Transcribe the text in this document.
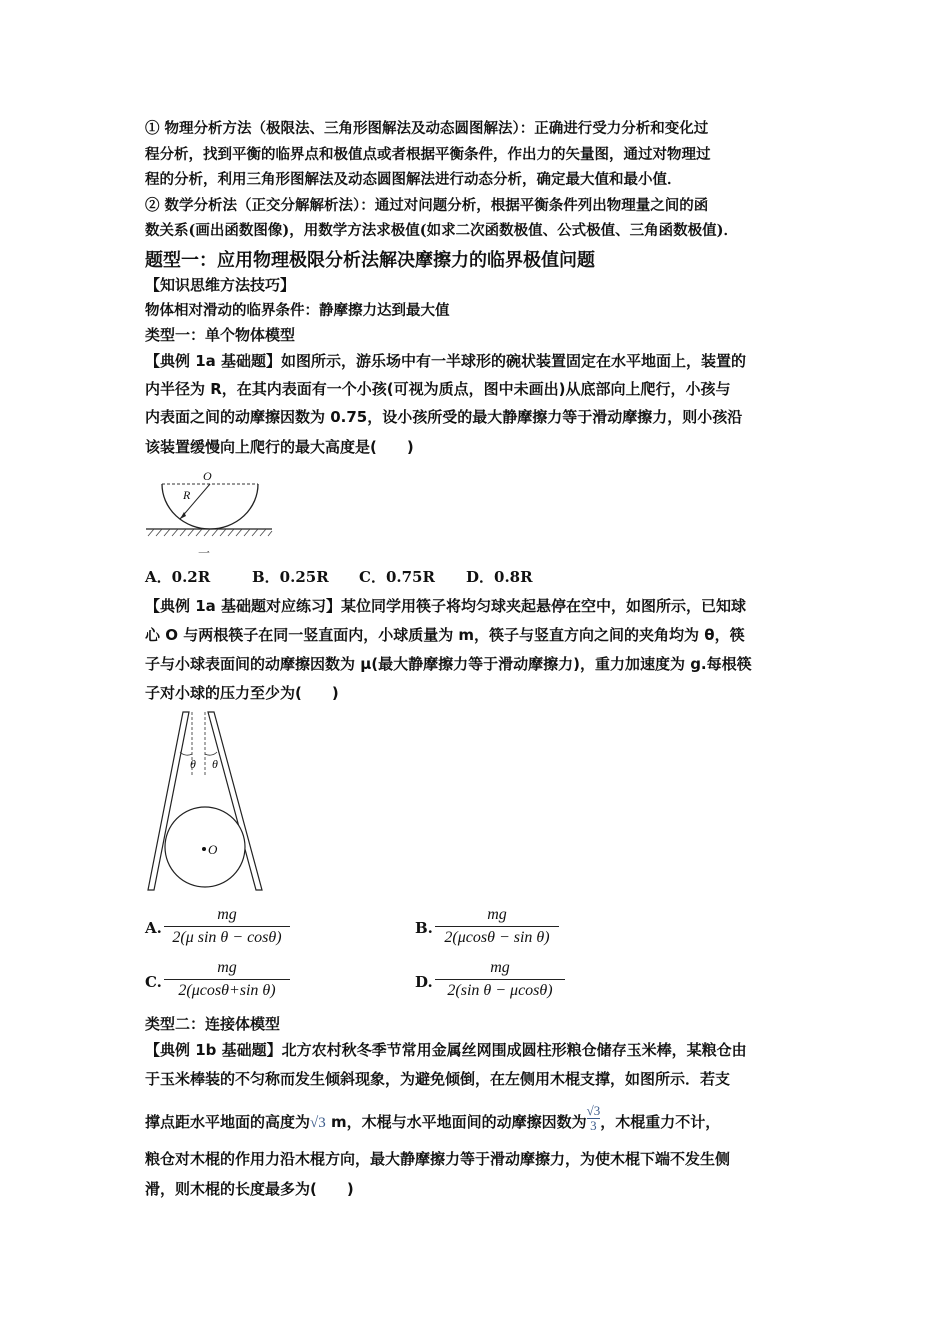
① 物理分析方法（极限法、三角形图解法及动态圆图解法）：正确进行受力分析和变化过
程分析，找到平衡的临界点和极值点或者根据平衡条件，作出力的矢量图，通过对物理过
程的分析，利用三角形图解法及动态圆图解法进行动态分析，确定最大值和最小值．
② 数学分析法（正交分解解析法）：通过对问题分析，根据平衡条件列出物理量之间的函
数关系(画出函数图像)，用数学方法求极值(如求二次函数极值、公式极值、三角函数极值)．
题型一：应用物理极限分析法解决摩擦力的临界极值问题
【知识思维方法技巧】
物体相对滑动的临界条件：静摩擦力达到最大值
类型一：单个物体模型
【典例 1a 基础题】如图所示，游乐场中有一半球形的碗状装置固定在水平地面上，装置的
内半径为 R，在其内表面有一个小孩(可视为质点，图中未画出)从底部向上爬行，小孩与
内表面之间的动摩擦因数为 0.75，设小孩所受的最大静摩擦力等于滑动摩擦力，则小孩沿
该装置缓慢向上爬行的最大高度是(　　)
O
R
一
A．0.2R	B．0.25R C．0.75R D．0.8R
【典例 1a 基础题对应练习】某位同学用筷子将均匀球夹起悬停在空中，如图所示，已知球
心 O 与两根筷子在同一竖直面内，小球质量为 m，筷子与竖直方向之间的夹角均为 θ，筷
子与小球表面间的动摩擦因数为 μ(最大静摩擦力等于滑动摩擦力)，重力加速度为 g.每根筷
子对小球的压力至少为(　　)
θ θ
O
A. $\frac{mg}{\text{2(μ sin θ − cosθ)}}$	B. $\frac{mg}{\text{2(μcosθ − sin θ)}}$
C. $\frac{mg}{\text{2(μcosθ+sin θ)}}$	D. $\frac{mg}{\text{2(sin θ − μcosθ)}}$
类型二：连接体模型
【典例 1b 基础题】北方农村秋冬季节常用金属丝网围成圆柱形粮仓储存玉米棒，某粮仓由
于玉米棒装的不匀称而发生倾斜现象，为避免倾倒，在左侧用木棍支撑，如图所示．若支
撑点距水平地面的高度为√3 m，木棍与水平地面间的动摩擦因数为 $\frac{√3}{3}$ ，木棍重力不计，
粮仓对木棍的作用力沿木棍方向，最大静摩擦力等于滑动摩擦力，为使木棍下端不发生侧
滑，则木棍的长度最多为(　　)
